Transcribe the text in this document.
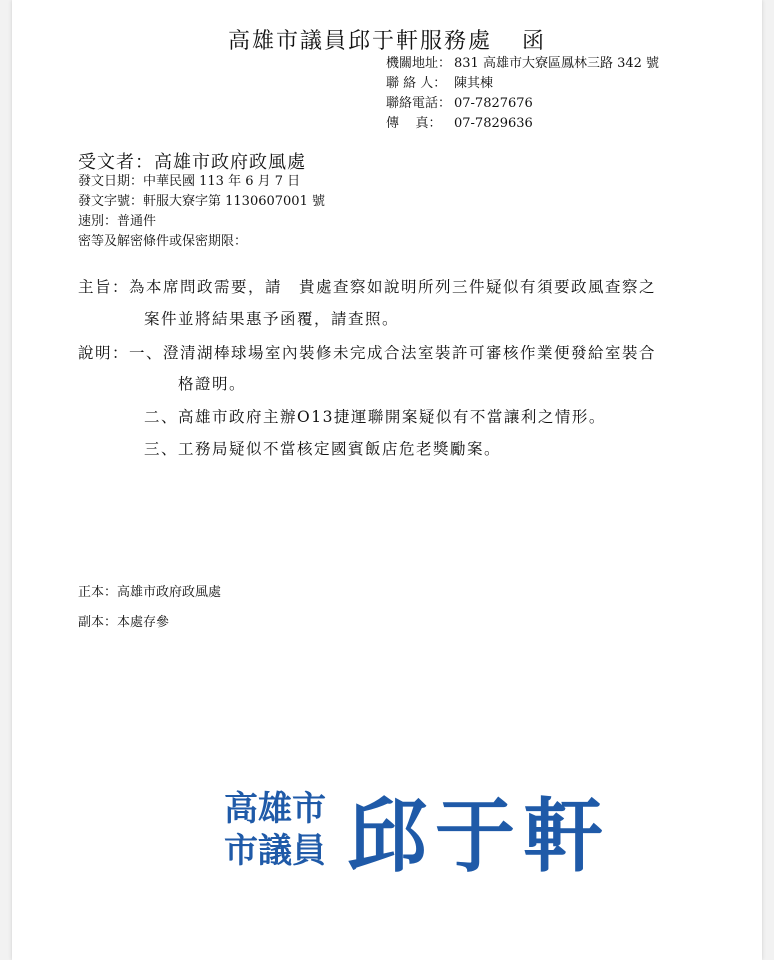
高雄市議員邱于軒服務處 函
機關地址： 831 高雄市大寮區鳳林三路 342 號
聯 絡 人： 陳其棟
聯絡電話： 07-7827676
傳    真： 07-7829636
受文者：高雄市政府政風處
發文日期：中華民國 113 年 6 月 7 日
發文字號：軒服大寮字第 1130607001 號
速別：普通件
密等及解密條件或保密期限：
主旨：為本席問政需要，請　貴處查察如說明所列三件疑似有須要政風查察之
案件並將結果惠予函覆，請查照。
說明：一、澄清湖棒球場室內裝修未完成合法室裝許可審核作業便發給室裝合
格證明。
二、高雄市政府主辦O13捷運聯開案疑似有不當讓利之情形。
三、工務局疑似不當核定國賓飯店危老獎勵案。
正本：高雄市政府政風處
副本：本處存參
高雄市
市議員 邱于軒
